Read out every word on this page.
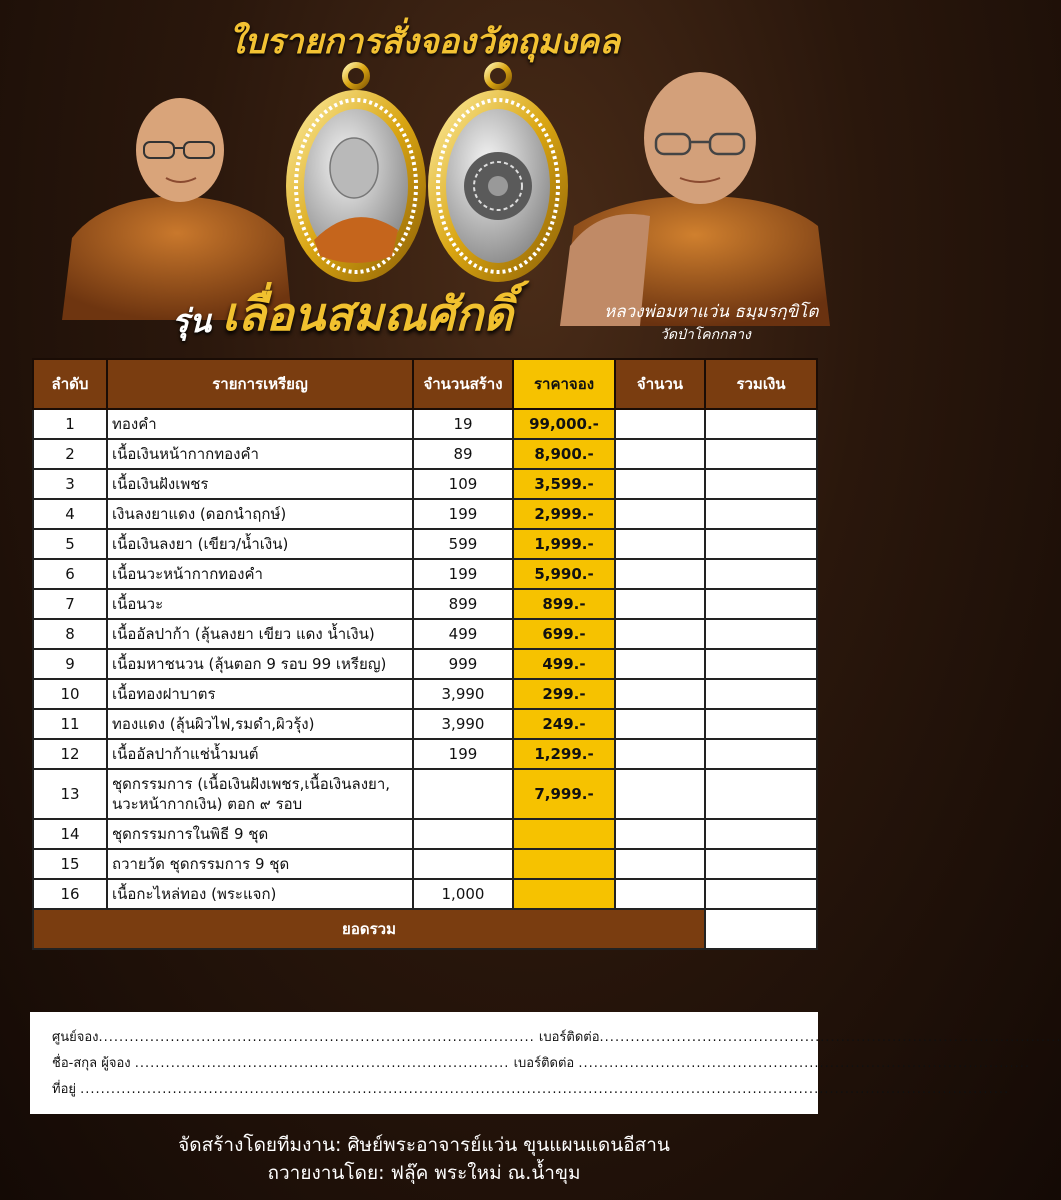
ใบรายการสั่งจองวัตถุมงคล
รุ่น เลื่อนสมณศักดิ์	หลวงพ่อมหาแว่น ธมฺมรกฺขิโต
วัดป่าโคกกลาง
ลำดับ	รายการเหรียญ	จำนวนสร้าง	ราคาจอง	จำนวน	รวมเงิน
1	ทองคำ	19	99,000.-		
2	เนื้อเงินหน้ากากทองคำ	89	8,900.-		
3	เนื้อเงินฝังเพชร	109	3,599.-		
4	เงินลงยาแดง (ดอกนำฤกษ์)	199	2,999.-		
5	เนื้อเงินลงยา (เขียว/น้ำเงิน)	599	1,999.-		
6	เนื้อนวะหน้ากากทองคำ	199	5,990.-		
7	เนื้อนวะ	899	899.-		
8	เนื้ออัลปาก้า (ลุ้นลงยา เขียว แดง น้ำเงิน)	499	699.-		
9	เนื้อมหาชนวน (ลุ้นตอก 9 รอบ 99 เหรียญ)	999	499.-		
10	เนื้อทองฝาบาตร	3,990	299.-		
11	ทองแดง (ลุ้นผิวไฟ,รมดำ,ผิวรุ้ง)	3,990	249.-		
12	เนื้ออัลปาก้าแช่น้ำมนต์	199	1,299.-		
13	ชุดกรรมการ (เนื้อเงินฝังเพชร,เนื้อเงินลงยา, นวะหน้ากากเงิน) ตอก ๙ รอบ		7,999.-		
14	ชุดกรรมการในพิธี 9 ชุด				
15	ถวายวัด ชุดกรรมการ 9 ชุด				
16	เนื้อกะไหล่ทอง (พระแจก)	1,000			
ยอดรวม					
ศูนย์จอง..................................................................................... เบอร์ติดต่อ..........................................................................................
ชื่อ-สกุล ผู้จอง ......................................................................... เบอร์ติดต่อ ........................................................................................
ที่อยู่ .....................................................................................................................................................................................
จัดสร้างโดยทีมงาน: ศิษย์พระอาจารย์แว่น ขุนแผนแดนอีสาน
ถวายงานโดย: ฟลุ๊ค พระใหม่ ณ.น้ำขุม
